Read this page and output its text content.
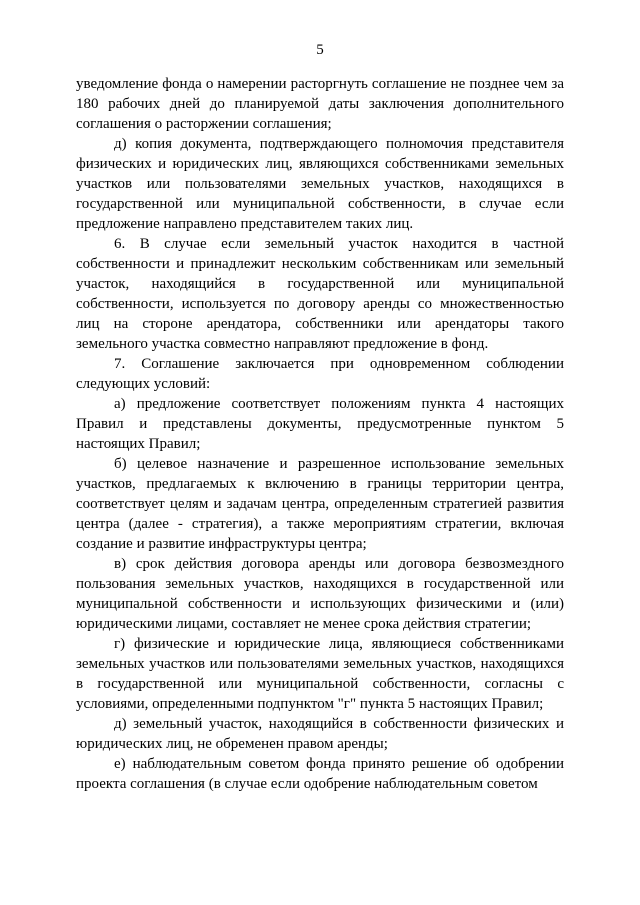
5

уведомление фонда о намерении расторгнуть соглашение не позднее чем за 180 рабочих дней до планируемой даты заключения дополнительного соглашения о расторжении соглашения;

д) копия документа, подтверждающего полномочия представителя физических и юридических лиц, являющихся собственниками земельных участков или пользователями земельных участков, находящихся в государственной или муниципальной собственности, в случае если предложение направлено представителем таких лиц.

6. В случае если земельный участок находится в частной собственности и принадлежит нескольким собственникам или земельный участок, находящийся в государственной или муниципальной собственности, используется по договору аренды со множественностью лиц на стороне арендатора, собственники или арендаторы такого земельного участка совместно направляют предложение в фонд.

7. Соглашение заключается при одновременном соблюдении следующих условий:

а) предложение соответствует положениям пункта 4 настоящих Правил и представлены документы, предусмотренные пунктом 5 настоящих Правил;

б) целевое назначение и разрешенное использование земельных участков, предлагаемых к включению в границы территории центра, соответствует целям и задачам центра, определенным стратегией развития центра (далее - стратегия), а также мероприятиям стратегии, включая создание и развитие инфраструктуры центра;

в) срок действия договора аренды или договора безвозмездного пользования земельных участков, находящихся в государственной или муниципальной собственности и использующих физическими и (или) юридическими лицами, составляет не менее срока действия стратегии;

г) физические и юридические лица, являющиеся собственниками земельных участков или пользователями земельных участков, находящихся в государственной или муниципальной собственности, согласны с условиями, определенными подпунктом "г" пункта 5 настоящих Правил;

д) земельный участок, находящийся в собственности физических и юридических лиц, не обременен правом аренды;

е) наблюдательным советом фонда принято решение об одобрении проекта соглашения (в случае если одобрение наблюдательным советом
